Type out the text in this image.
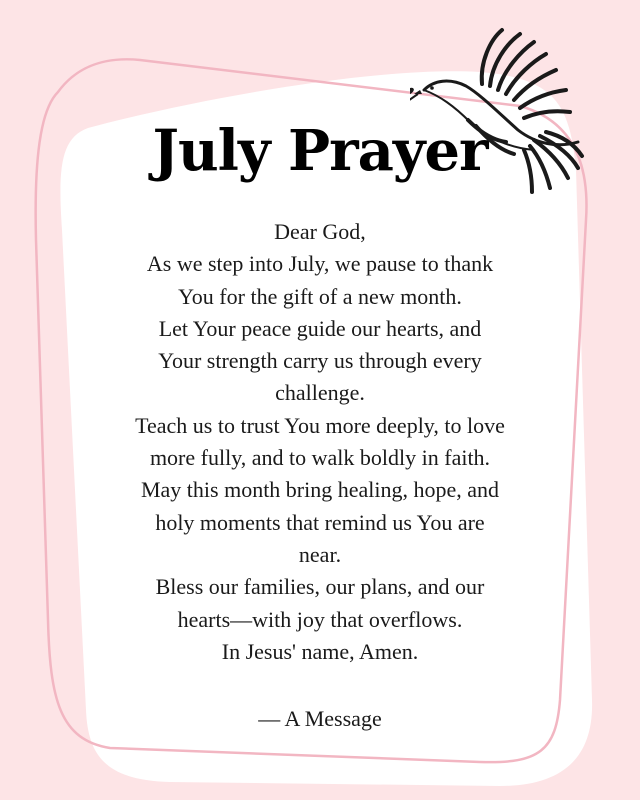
July Prayer
Dear God,
As we step into July, we pause to thank
You for the gift of a new month.
Let Your peace guide our hearts, and
Your strength carry us through every
challenge.
Teach us to trust You more deeply, to love
more fully, and to walk boldly in faith.
May this month bring healing, hope, and
holy moments that remind us You are
near.
Bless our families, our plans, and our
hearts—with joy that overflows.
In Jesus' name, Amen.
— A Message
